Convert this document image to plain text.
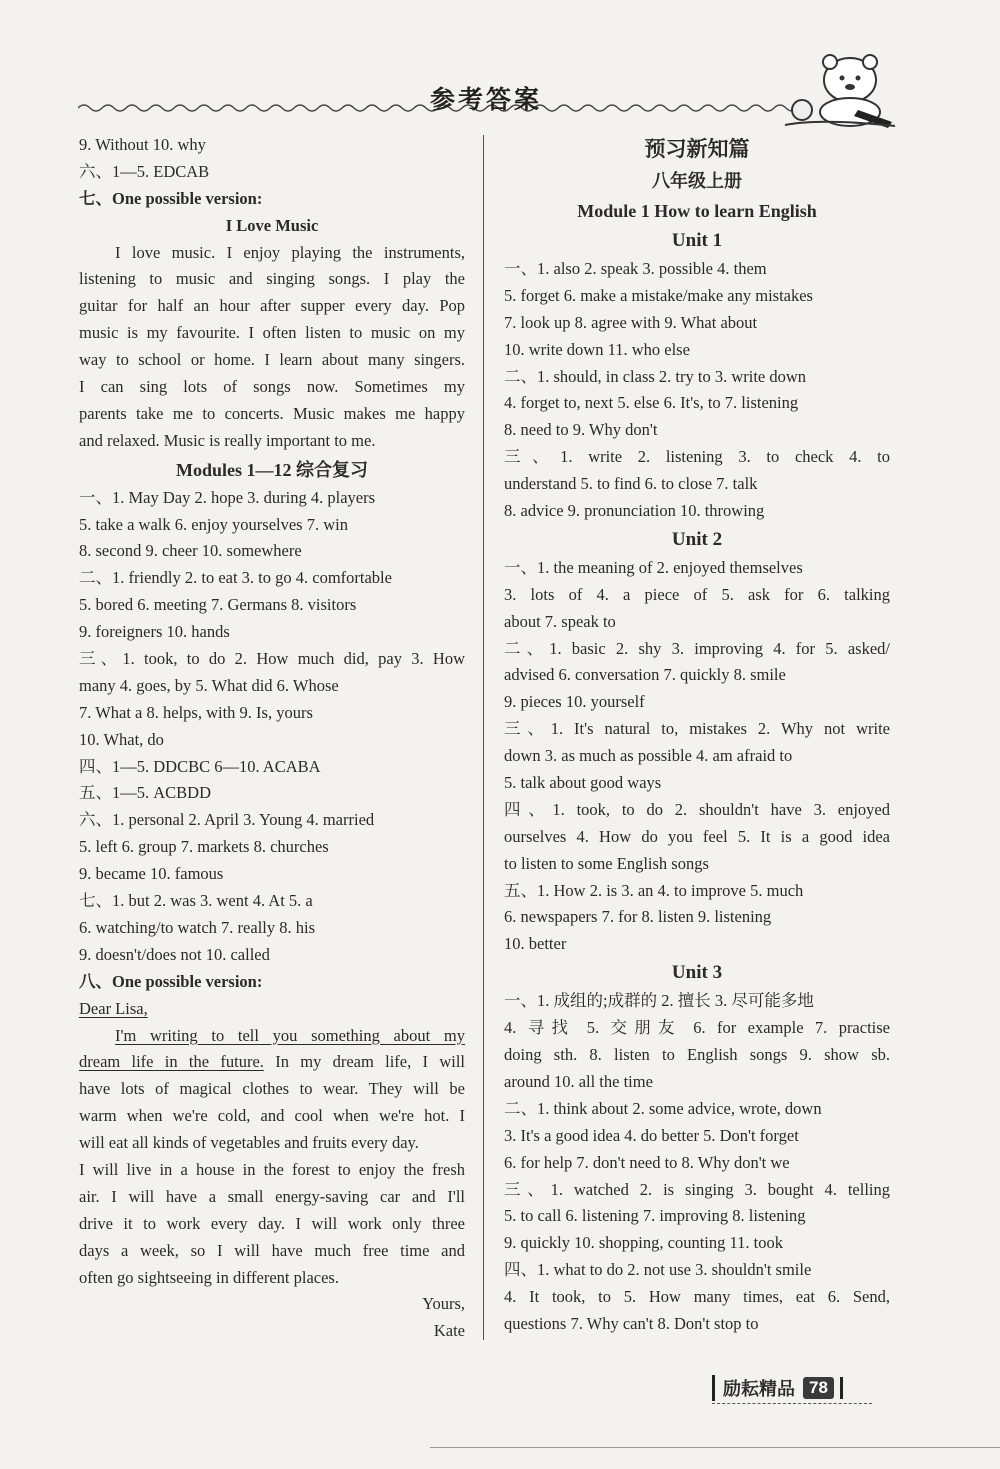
参考答案
9. Without 10. why
六、1—5. EDCAB
七、One possible version:
I Love Music
I love music. I enjoy playing the instruments,
listening to music and singing songs. I play the
guitar for half an hour after supper every day. Pop
music is my favourite. I often listen to music on my
way to school or home. I learn about many singers.
I can sing lots of songs now. Sometimes my
parents take me to concerts. Music makes me happy
and relaxed. Music is really important to me.
Modules 1—12 综合复习
一、1. May Day 2. hope 3. during 4. players
5. take a walk 6. enjoy yourselves 7. win
8. second 9. cheer 10. somewhere
二、1. friendly 2. to eat 3. to go 4. comfortable
5. bored 6. meeting 7. Germans 8. visitors
9. foreigners 10. hands
三、1. took, to do 2. How much did, pay 3. How
many 4. goes, by 5. What did 6. Whose
7. What a 8. helps, with 9. Is, yours
10. What, do
四、1—5. DDCBC 6—10. ACABA
五、1—5. ACBDD
六、1. personal 2. April 3. Young 4. married
5. left 6. group 7. markets 8. churches
9. became 10. famous
七、1. but 2. was 3. went 4. At 5. a
6. watching/to watch 7. really 8. his
9. doesn't/does not 10. called
八、One possible version:
Dear Lisa,
I'm writing to tell you something about my
dream life in the future. In my dream life, I will
have lots of magical clothes to wear. They will be
warm when we're cold, and cool when we're hot. I
will eat all kinds of vegetables and fruits every day.
I will live in a house in the forest to enjoy the fresh
air. I will have a small energy-saving car and I'll
drive it to work every day. I will work only three
days a week, so I will have much free time and
often go sightseeing in different places.
Yours,
Kate
预习新知篇
八年级上册
Module 1 How to learn English
Unit 1
一、1. also 2. speak 3. possible 4. them
5. forget 6. make a mistake/make any mistakes
7. look up 8. agree with 9. What about
10. write down 11. who else
二、1. should, in class 2. try to 3. write down
4. forget to, next 5. else 6. It's, to 7. listening
8. need to 9. Why don't
三、1. write 2. listening 3. to check 4. to
understand 5. to find 6. to close 7. talk
8. advice 9. pronunciation 10. throwing
Unit 2
一、1. the meaning of 2. enjoyed themselves
3. lots of 4. a piece of 5. ask for 6. talking
about 7. speak to
二、1. basic 2. shy 3. improving 4. for 5. asked/
advised 6. conversation 7. quickly 8. smile
9. pieces 10. yourself
三、1. It's natural to, mistakes 2. Why not write
down 3. as much as possible 4. am afraid to
5. talk about good ways
四、1. took, to do 2. shouldn't have 3. enjoyed
ourselves 4. How do you feel 5. It is a good idea
to listen to some English songs
五、1. How 2. is 3. an 4. to improve 5. much
6. newspapers 7. for 8. listen 9. listening
10. better
Unit 3
一、1. 成组的;成群的 2. 擅长 3. 尽可能多地
4. 寻找 5. 交朋友 6. for example 7. practise
doing sth. 8. listen to English songs 9. show sb.
around 10. all the time
二、1. think about 2. some advice, wrote, down
3. It's a good idea 4. do better 5. Don't forget
6. for help 7. don't need to 8. Why don't we
三、1. watched 2. is singing 3. bought 4. telling
5. to call 6. listening 7. improving 8. listening
9. quickly 10. shopping, counting 11. took
四、1. what to do 2. not use 3. shouldn't smile
4. It took, to 5. How many times, eat 6. Send,
questions 7. Why can't 8. Don't stop to
励耘精品 78
